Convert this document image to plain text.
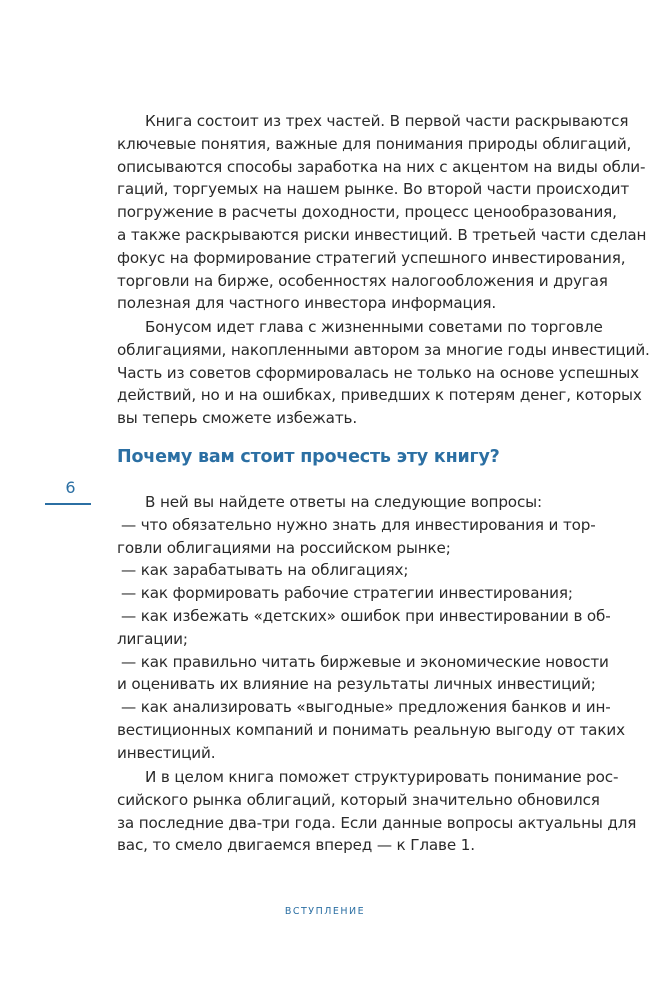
Книга состоит из трех частей. В первой части раскрываются
ключевые понятия, важные для понимания природы облигаций,
описываются способы заработка на них с акцентом на виды обли-
гаций, торгуемых на нашем рынке. Во второй части происходит
погружение в расчеты доходности, процесс ценообразования,
а также раскрываются риски инвестиций. В третьей части сделан
фокус на формирование стратегий успешного инвестирования,
торговли на бирже, особенностях налогообложения и другая
полезная для частного инвестора информация.
Бонусом идет глава с жизненными советами по торговле
облигациями, накопленными автором за многие годы инвестиций.
Часть из советов сформировалась не только на основе успешных
действий, но и на ошибках, приведших к потерям денег, которых
вы теперь сможете избежать.
Почему вам стоит прочесть эту книгу?
6
В ней вы найдете ответы на следующие вопросы:
— что обязательно нужно знать для инвестирования и тор-
говли облигациями на российском рынке;
— как зарабатывать на облигациях;
— как формировать рабочие стратегии инвестирования;
— как избежать «детских» ошибок при инвестировании в об-
лигации;
— как правильно читать биржевые и экономические новости
и оценивать их влияние на результаты личных инвестиций;
— как анализировать «выгодные» предложения банков и ин-
вестиционных компаний и понимать реальную выгоду от таких
инвестиций.
И в целом книга поможет структурировать понимание рос-
сийского рынка облигаций, который значительно обновился
за последние два-три года. Если данные вопросы актуальны для
вас, то смело двигаемся вперед — к Главе 1.
ВСТУПЛЕНИЕ
